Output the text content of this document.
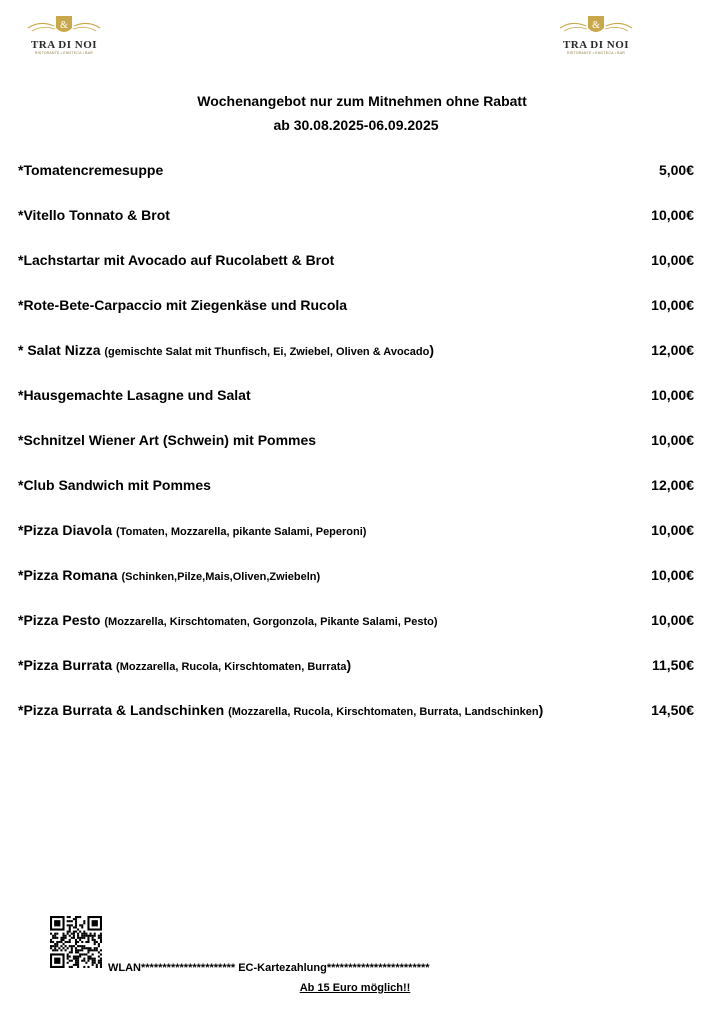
&
TRA DI NOI
RISTORANTE • ENOTECA • BAR
&
TRA DI NOI
RISTORANTE • ENOTECA • BAR
Wochenangebot nur zum Mitnehmen ohne Rabatt
ab 30.08.2025-06.09.2025
*Tomatencremesuppe	5,00€
*Vitello Tonnato & Brot	10,00€
*Lachstartar mit Avocado auf Rucolabett & Brot	10,00€
*Rote-Bete-Carpaccio mit Ziegenkäse und Rucola	10,00€
* Salat Nizza (gemischte Salat mit Thunfisch, Ei, Zwiebel, Oliven & Avocado)	12,00€
*Hausgemachte Lasagne und Salat	10,00€
*Schnitzel Wiener Art (Schwein) mit Pommes	10,00€
*Club Sandwich mit Pommes	12,00€
*Pizza Diavola (Tomaten, Mozzarella, pikante Salami, Peperoni)	10,00€
*Pizza Romana (Schinken,Pilze,Mais,Oliven,Zwiebeln)	10,00€
*Pizza Pesto (Mozzarella, Kirschtomaten, Gorgonzola, Pikante Salami, Pesto)	10,00€
*Pizza Burrata (Mozzarella, Rucola, Kirschtomaten, Burrata)	11,50€
*Pizza Burrata & Landschinken (Mozzarella, Rucola, Kirschtomaten, Burrata, Landschinken)	14,50€
WLAN********************** EC-Kartezahlung************************
Ab 15 Euro möglich!!
